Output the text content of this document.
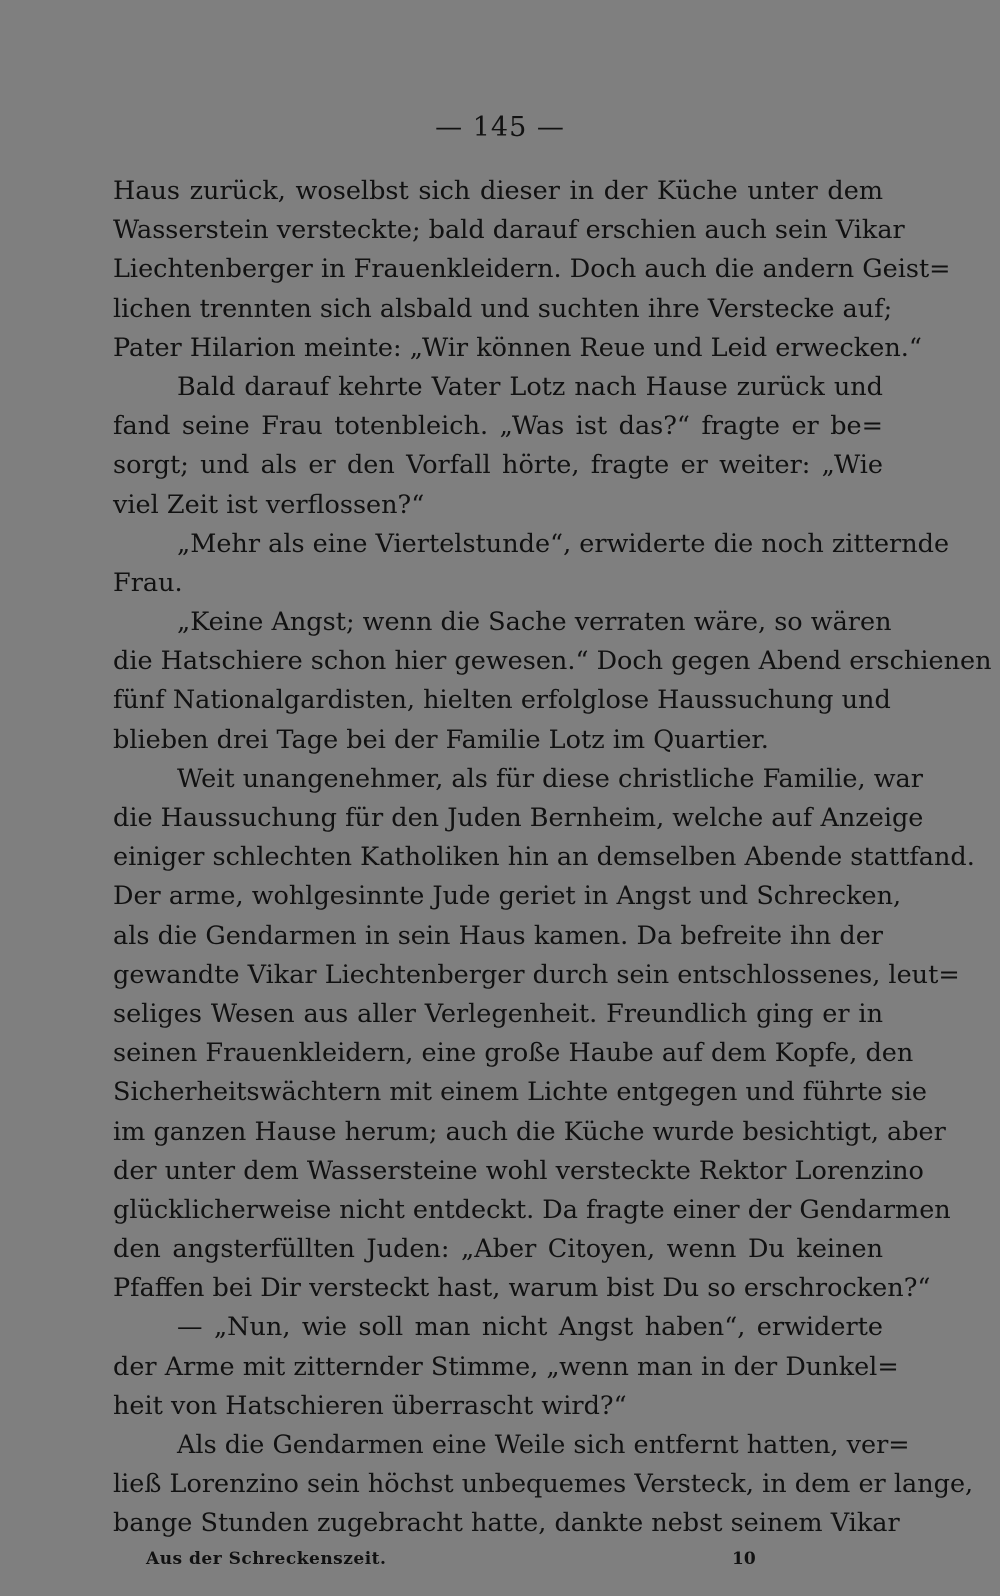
— 145 —
Haus zurück, woselbst sich dieser in der Küche unter dem
Wasserstein versteckte; bald darauf erschien auch sein Vikar
Liechtenberger in Frauenkleidern. Doch auch die andern Geist=
lichen trennten sich alsbald und suchten ihre Verstecke auf;
Pater Hilarion meinte: „Wir können Reue und Leid erwecken.“
Bald darauf kehrte Vater Lotz nach Hause zurück und
fand seine Frau totenbleich. „Was ist das?“ fragte er be=
sorgt; und als er den Vorfall hörte, fragte er weiter: „Wie
viel Zeit ist verflossen?“
„Mehr als eine Viertelstunde“, erwiderte die noch zitternde
Frau.
„Keine Angst; wenn die Sache verraten wäre, so wären
die Hatschiere schon hier gewesen.“ Doch gegen Abend erschienen
fünf Nationalgardisten, hielten erfolglose Haussuchung und
blieben drei Tage bei der Familie Lotz im Quartier.
Weit unangenehmer, als für diese christliche Familie, war
die Haussuchung für den Juden Bernheim, welche auf Anzeige
einiger schlechten Katholiken hin an demselben Abende stattfand.
Der arme, wohlgesinnte Jude geriet in Angst und Schrecken,
als die Gendarmen in sein Haus kamen. Da befreite ihn der
gewandte Vikar Liechtenberger durch sein entschlossenes, leut=
seliges Wesen aus aller Verlegenheit. Freundlich ging er in
seinen Frauenkleidern, eine große Haube auf dem Kopfe, den
Sicherheitswächtern mit einem Lichte entgegen und führte sie
im ganzen Hause herum; auch die Küche wurde besichtigt, aber
der unter dem Wassersteine wohl versteckte Rektor Lorenzino
glücklicherweise nicht entdeckt. Da fragte einer der Gendarmen
den angsterfüllten Juden: „Aber Citoyen, wenn Du keinen
Pfaffen bei Dir versteckt hast, warum bist Du so erschrocken?“
— „Nun, wie soll man nicht Angst haben“, erwiderte
der Arme mit zitternder Stimme, „wenn man in der Dunkel=
heit von Hatschieren überrascht wird?“
Als die Gendarmen eine Weile sich entfernt hatten, ver=
ließ Lorenzino sein höchst unbequemes Versteck, in dem er lange,
bange Stunden zugebracht hatte, dankte nebst seinem Vikar
Aus der Schreckenszeit.	10
